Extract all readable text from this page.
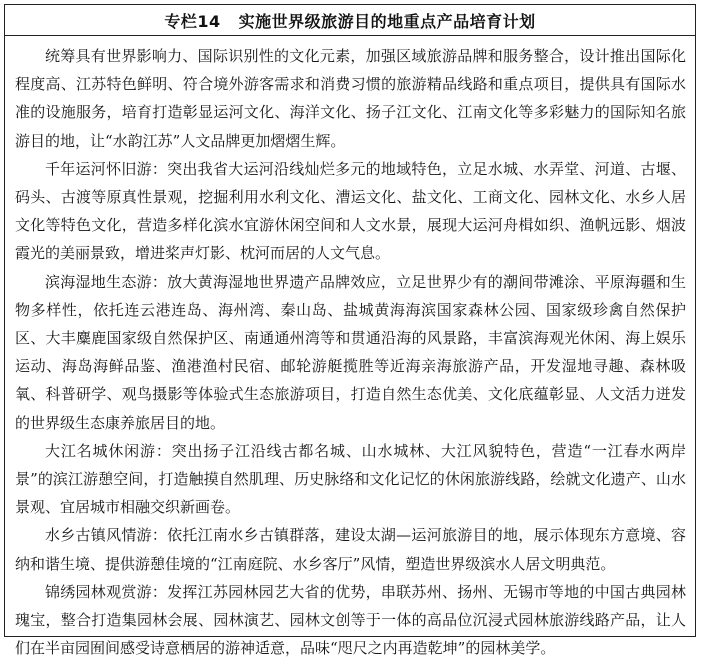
专栏14 实施世界级旅游目的地重点产品培育计划

统筹具有世界影响力、国际识别性的文化元素，加强区域旅游品牌和服务整合，设计推出国际化程度高、江苏特色鲜明、符合境外游客需求和消费习惯的旅游精品线路和重点项目，提供具有国际水准的设施服务，培育打造彰显运河文化、海洋文化、扬子江文化、江南文化等多彩魅力的国际知名旅游目的地，让“水韵江苏”人文品牌更加熠熠生辉。

千年运河怀旧游：突出我省大运河沿线灿烂多元的地域特色，立足水城、水弄堂、河道、古堰、码头、古渡等原真性景观，挖掘利用水利文化、漕运文化、盐文化、工商文化、园林文化、水乡人居文化等特色文化，营造多样化滨水宜游休闲空间和人文水景，展现大运河舟楫如织、渔帆远影、烟波霞光的美丽景致，增进桨声灯影、枕河而居的人文气息。

滨海湿地生态游：放大黄海湿地世界遗产品牌效应，立足世界少有的潮间带滩涂、平原海疆和生物多样性，依托连云港连岛、海州湾、秦山岛、盐城黄海海滨国家森林公园、国家级珍禽自然保护区、大丰麋鹿国家级自然保护区、南通通州湾等和贯通沿海的风景路，丰富滨海观光休闲、海上娱乐运动、海岛海鲜品鉴、渔港渔村民宿、邮轮游艇揽胜等近海亲海旅游产品，开发湿地寻趣、森林吸氧、科普研学、观鸟摄影等体验式生态旅游项目，打造自然生态优美、文化底蕴彰显、人文活力迸发的世界级生态康养旅居目的地。

大江名城休闲游：突出扬子江沿线古都名城、山水城林、大江风貌特色，营造“一江春水两岸景”的滨江游憩空间，打造触摸自然肌理、历史脉络和文化记忆的休闲旅游线路，绘就文化遗产、山水景观、宜居城市相融交织新画卷。

水乡古镇风情游：依托江南水乡古镇群落，建设太湖—运河旅游目的地，展示体现东方意境、容纳和谐生境、提供游憩佳境的“江南庭院、水乡客厅”风情，塑造世界级滨水人居文明典范。

锦绣园林观赏游：发挥江苏园林园艺大省的优势，串联苏州、扬州、无锡市等地的中国古典园林瑰宝，整合打造集园林会展、园林演艺、园林文创等于一体的高品位沉浸式园林旅游线路产品，让人们在半亩园囿间感受诗意栖居的游神适意，品味“咫尺之内再造乾坤”的园林美学。
